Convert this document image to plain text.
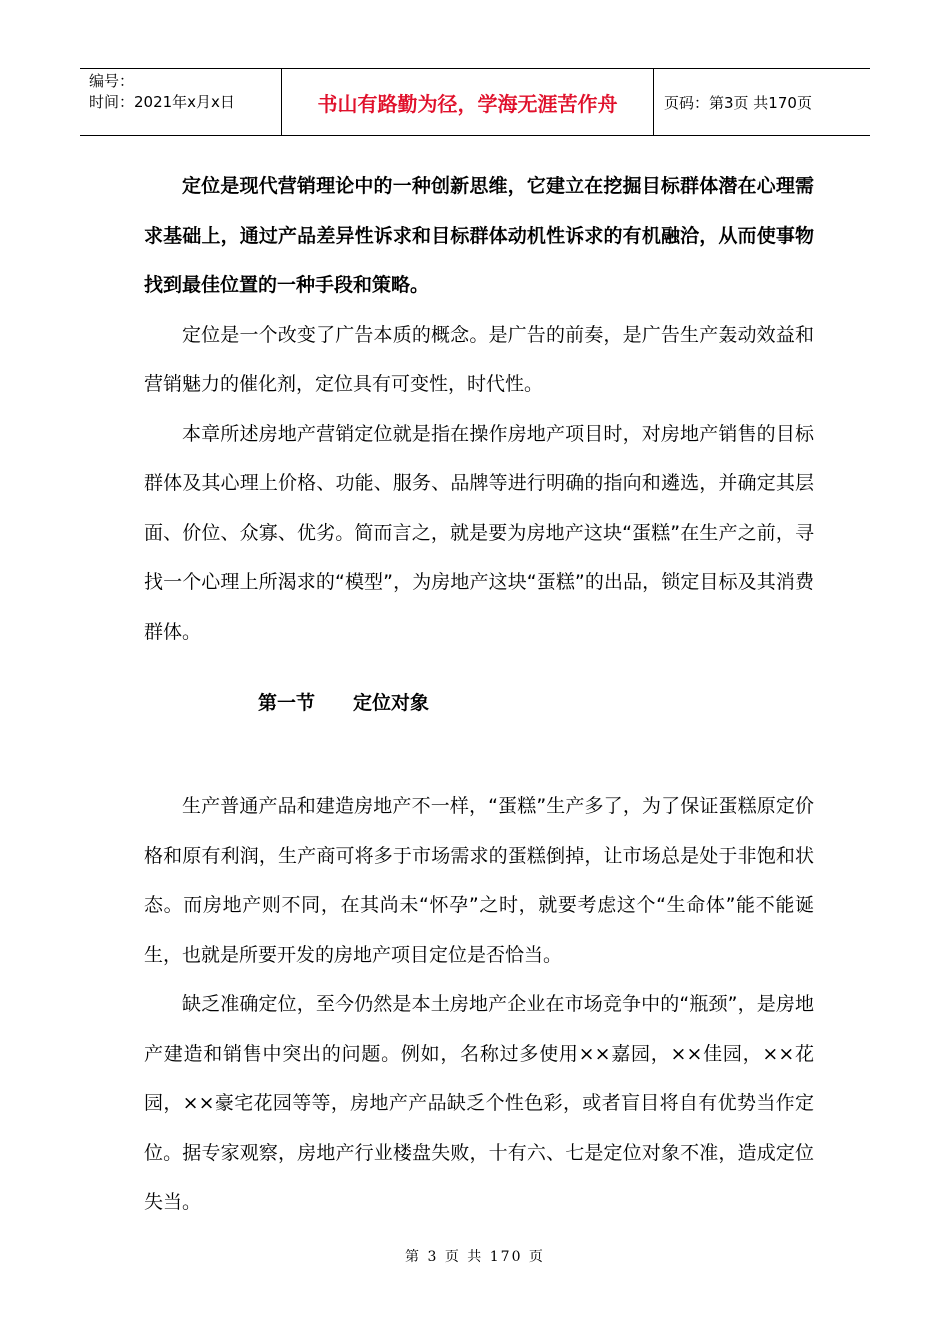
编号：
时间：2021年x月x日	书山有路勤为径，学海无涯苦作舟	页码：第3页 共170页

定位是现代营销理论中的一种创新思维，它建立在挖掘目标群体潜在心理需求基础上，通过产品差异性诉求和目标群体动机性诉求的有机融洽，从而使事物找到最佳位置的一种手段和策略。

定位是一个改变了广告本质的概念。是广告的前奏，是广告生产轰动效益和营销魅力的催化剂，定位具有可变性，时代性。

本章所述房地产营销定位就是指在操作房地产项目时，对房地产销售的目标群体及其心理上价格、功能、服务、品牌等进行明确的指向和遴选，并确定其层面、价位、众寡、优劣。简而言之，就是要为房地产这块“蛋糕”在生产之前，寻找一个心理上所渴求的“模型”，为房地产这块“蛋糕”的出品，锁定目标及其消费群体。

第一节 定位对象

生产普通产品和建造房地产不一样，“蛋糕”生产多了，为了保证蛋糕原定价格和原有利润，生产商可将多于市场需求的蛋糕倒掉，让市场总是处于非饱和状态。而房地产则不同，在其尚未“怀孕”之时，就要考虑这个“生命体”能不能诞生，也就是所要开发的房地产项目定位是否恰当。

缺乏准确定位，至今仍然是本土房地产企业在市场竞争中的“瓶颈”，是房地产建造和销售中突出的问题。例如，名称过多使用××嘉园，××佳园，××花园，××豪宅花园等等，房地产产品缺乏个性色彩，或者盲目将自有优势当作定位。据专家观察，房地产行业楼盘失败，十有六、七是定位对象不准，造成定位失当。

第 3 页 共 170 页
